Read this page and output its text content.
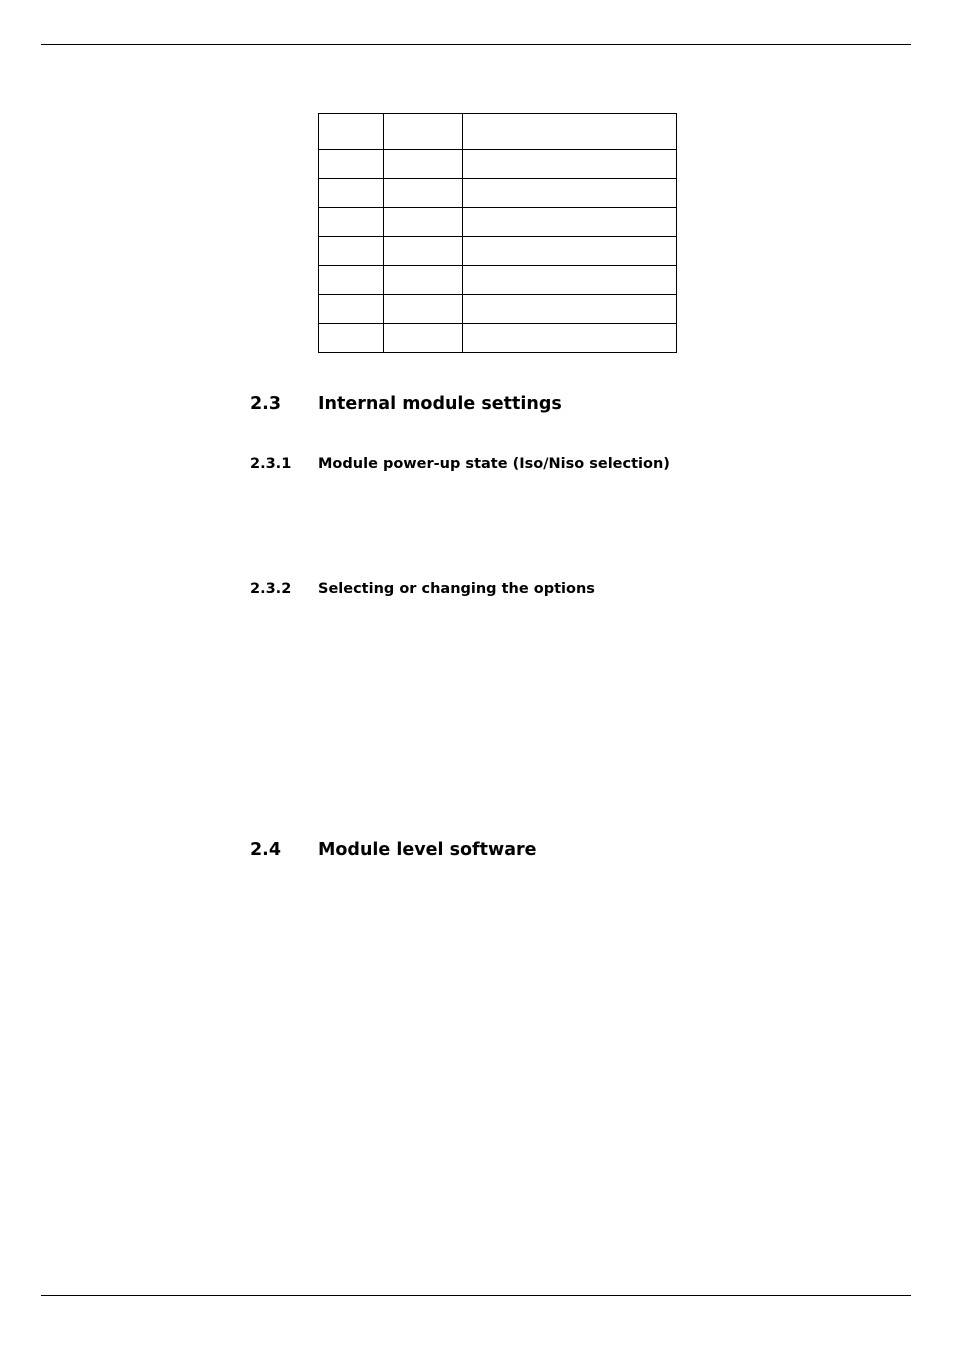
2.3 Internal module settings
2.3.1 Module power-up state (Iso/Niso selection)
2.3.2 Selecting or changing the options
2.4 Module level software
